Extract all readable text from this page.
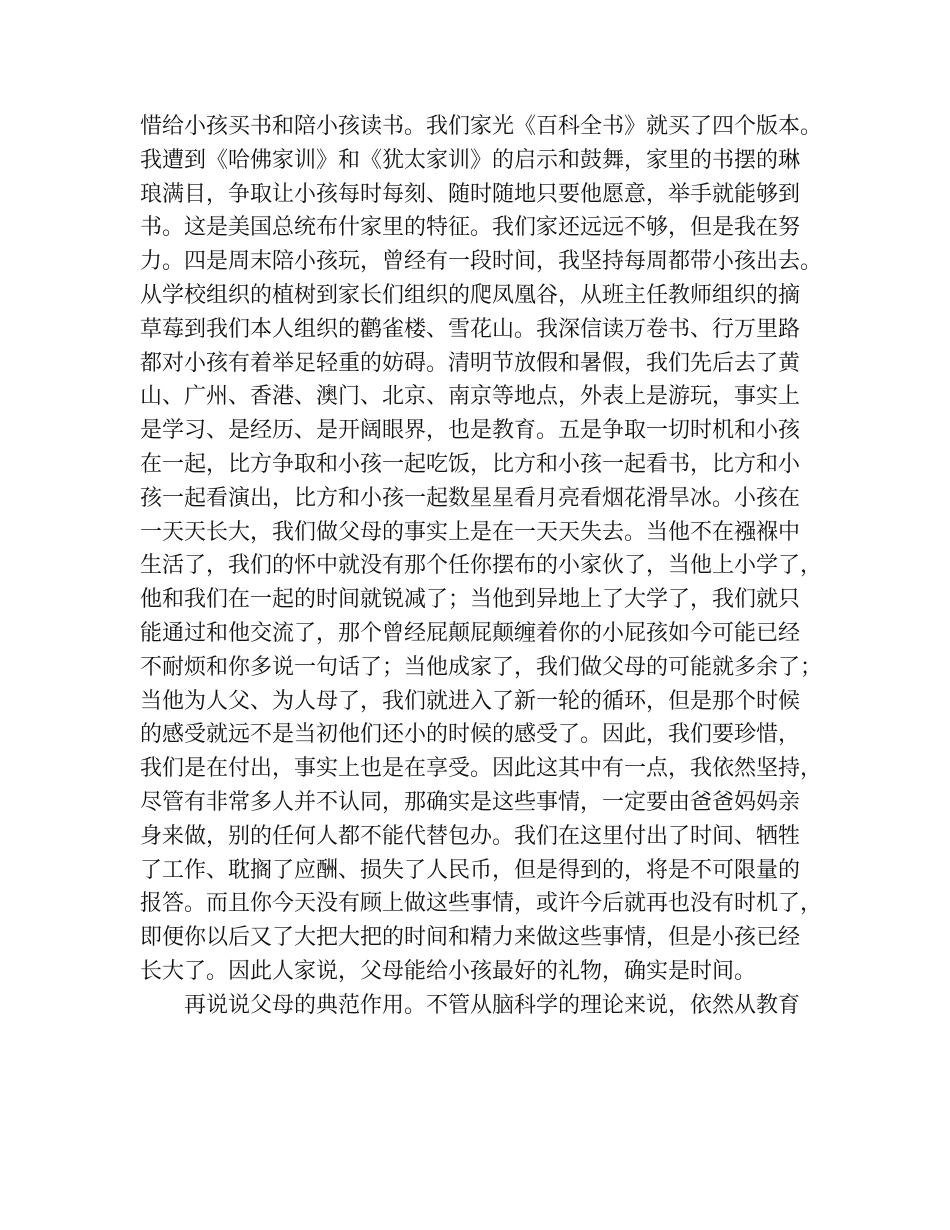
惜给小孩买书和陪小孩读书。我们家光《百科全书》就买了四个版本。
我遭到《哈佛家训》和《犹太家训》的启示和鼓舞，家里的书摆的琳
琅满目，争取让小孩每时每刻、随时随地只要他愿意，举手就能够到
书。这是美国总统布什家里的特征。我们家还远远不够，但是我在努
力。四是周末陪小孩玩，曾经有一段时间，我坚持每周都带小孩出去。
从学校组织的植树到家长们组织的爬凤凰谷，从班主任教师组织的摘
草莓到我们本人组织的鹳雀楼、雪花山。我深信读万卷书、行万里路
都对小孩有着举足轻重的妨碍。清明节放假和暑假，我们先后去了黄
山、广州、香港、澳门、北京、南京等地点，外表上是游玩，事实上
是学习、是经历、是开阔眼界，也是教育。五是争取一切时机和小孩
在一起，比方争取和小孩一起吃饭，比方和小孩一起看书，比方和小
孩一起看演出，比方和小孩一起数星星看月亮看烟花滑旱冰。小孩在
一天天长大，我们做父母的事实上是在一天天失去。当他不在襁褓中
生活了，我们的怀中就没有那个任你摆布的小家伙了，当他上小学了，
他和我们在一起的时间就锐减了；当他到异地上了大学了，我们就只
能通过和他交流了，那个曾经屁颠屁颠缠着你的小屁孩如今可能已经
不耐烦和你多说一句话了；当他成家了，我们做父母的可能就多余了；
当他为人父、为人母了，我们就进入了新一轮的循环，但是那个时候
的感受就远不是当初他们还小的时候的感受了。因此，我们要珍惜，
我们是在付出，事实上也是在享受。因此这其中有一点，我依然坚持，
尽管有非常多人并不认同，那确实是这些事情，一定要由爸爸妈妈亲
身来做，别的任何人都不能代替包办。我们在这里付出了时间、牺牲
了工作、耽搁了应酬、损失了人民币，但是得到的，将是不可限量的
报答。而且你今天没有顾上做这些事情，或许今后就再也没有时机了，
即便你以后又了大把大把的时间和精力来做这些事情，但是小孩已经
长大了。因此人家说，父母能给小孩最好的礼物，确实是时间。
再说说父母的典范作用。不管从脑科学的理论来说，依然从教育
